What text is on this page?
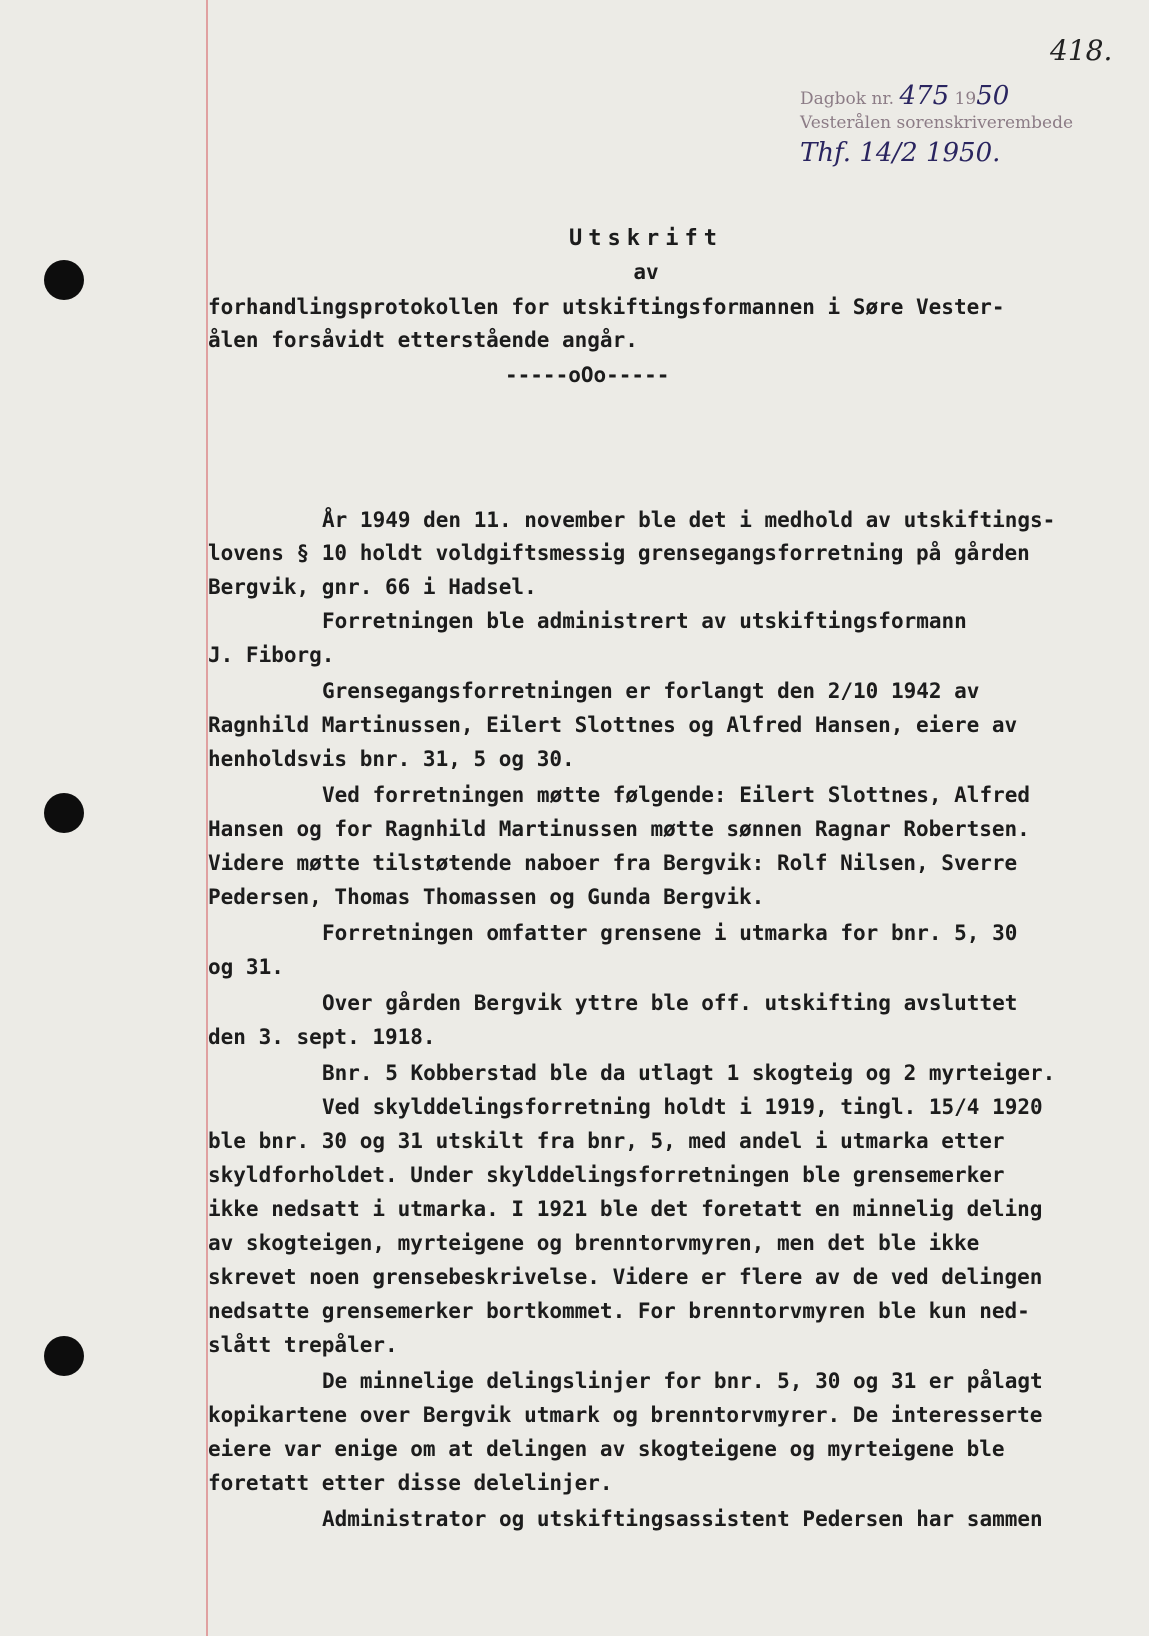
418.
Dagbok nr. 475 1950
Vesterålen sorenskriverembede
Thf. 14/2 1950.
Utskrift
av
forhandlingsprotokollen for utskiftingsformannen i Søre Vester-
ålen forsåvidt etterstående angår.
-----oOo-----
År 1949 den 11. november ble det i medhold av utskiftings-
lovens § 10 holdt voldgiftsmessig grensegangsforretning på gården
Bergvik, gnr. 66 i Hadsel.
Forretningen ble administrert av utskiftingsformann
J. Fiborg.
Grensegangsforretningen er forlangt den 2/10 1942 av
Ragnhild Martinussen, Eilert Slottnes og Alfred Hansen, eiere av
henholdsvis bnr. 31, 5 og 30.
Ved forretningen møtte følgende: Eilert Slottnes, Alfred
Hansen og for Ragnhild Martinussen møtte sønnen Ragnar Robertsen.
Videre møtte tilstøtende naboer fra Bergvik: Rolf Nilsen, Sverre
Pedersen, Thomas Thomassen og Gunda Bergvik.
Forretningen omfatter grensene i utmarka for bnr. 5, 30
og 31.
Over gården Bergvik yttre ble off. utskifting avsluttet
den 3. sept. 1918.
Bnr. 5 Kobberstad ble da utlagt 1 skogteig og 2 myrteiger.
Ved skylddelingsforretning holdt i 1919, tingl. 15/4 1920
ble bnr. 30 og 31 utskilt fra bnr, 5, med andel i utmarka etter
skyldforholdet. Under skylddelingsforretningen ble grensemerker
ikke nedsatt i utmarka. I 1921 ble det foretatt en minnelig deling
av skogteigen, myrteigene og brenntorvmyren, men det ble ikke
skrevet noen grensebeskrivelse. Videre er flere av de ved delingen
nedsatte grensemerker bortkommet. For brenntorvmyren ble kun ned-
slått trepåler.
De minnelige delingslinjer for bnr. 5, 30 og 31 er pålagt
kopikartene over Bergvik utmark og brenntorvmyrer. De interesserte
eiere var enige om at delingen av skogteigene og myrteigene ble
foretatt etter disse delelinjer.
Administrator og utskiftingsassistent Pedersen har sammen
